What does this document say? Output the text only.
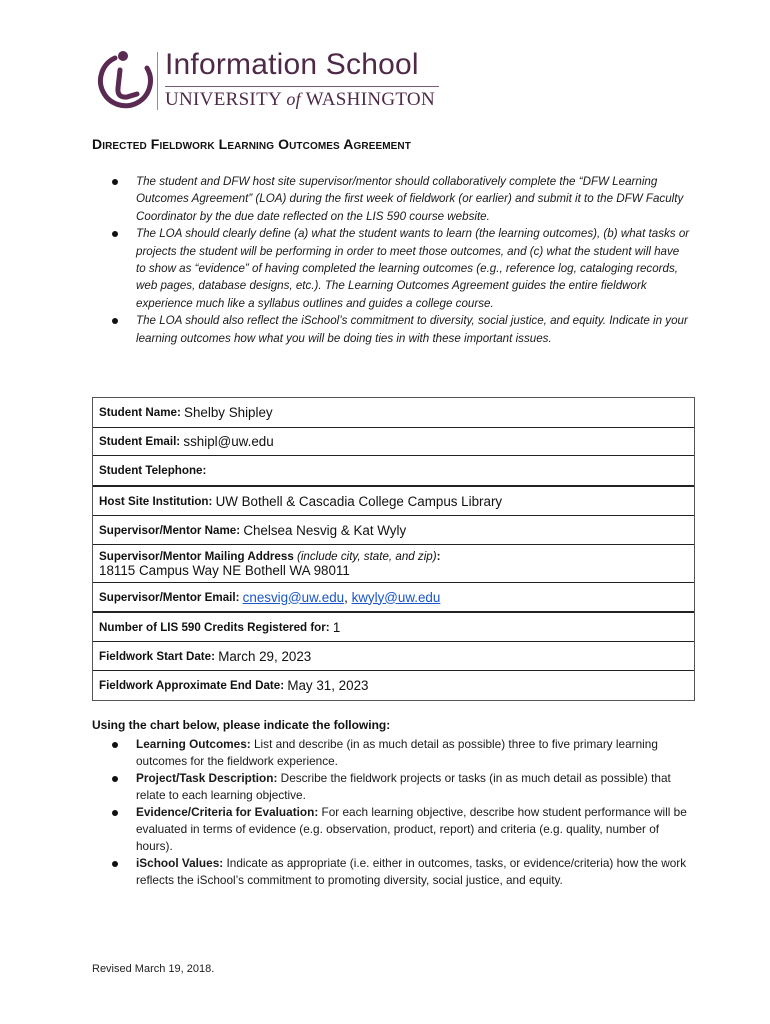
Information School
UNIVERSITY of WASHINGTON
Directed Fieldwork Learning Outcomes Agreement
The student and DFW host site supervisor/mentor should collaboratively complete the “DFW Learning Outcomes Agreement” (LOA) during the first week of fieldwork (or earlier) and submit it to the DFW Faculty Coordinator by the due date reflected on the LIS 590 course website.
The LOA should clearly define (a) what the student wants to learn (the learning outcomes), (b) what tasks or projects the student will be performing in order to meet those outcomes, and (c) what the student will have to show as “evidence” of having completed the learning outcomes (e.g., reference log, cataloging records, web pages, database designs, etc.). The Learning Outcomes Agreement guides the entire fieldwork experience much like a syllabus outlines and guides a college course.
The LOA should also reflect the iSchool’s commitment to diversity, social justice, and equity. Indicate in your learning outcomes how what you will be doing ties in with these important issues.
Student Name: Shelby Shipley
Student Email: sshipl@uw.edu
Student Telephone:
Host Site Institution: UW Bothell & Cascadia College Campus Library
Supervisor/Mentor Name: Chelsea Nesvig & Kat Wyly
Supervisor/Mentor Mailing Address (include city, state, and zip):
18115 Campus Way NE Bothell WA 98011
Supervisor/Mentor Email: cnesvig@uw.edu , kwyly@uw.edu
Number of LIS 590 Credits Registered for: 1
Fieldwork Start Date: March 29, 2023
Fieldwork Approximate End Date: May 31, 2023
Using the chart below, please indicate the following:
Learning Outcomes: List and describe (in as much detail as possible) three to five primary learning outcomes for the fieldwork experience.
Project/Task Description: Describe the fieldwork projects or tasks (in as much detail as possible) that relate to each learning objective.
Evidence/Criteria for Evaluation: For each learning objective, describe how student performance will be evaluated in terms of evidence (e.g. observation, product, report) and criteria (e.g. quality, number of hours).
iSchool Values: Indicate as appropriate (i.e. either in outcomes, tasks, or evidence/criteria) how the work reflects the iSchool’s commitment to promoting diversity, social justice, and equity.
Revised March 19, 2018.
